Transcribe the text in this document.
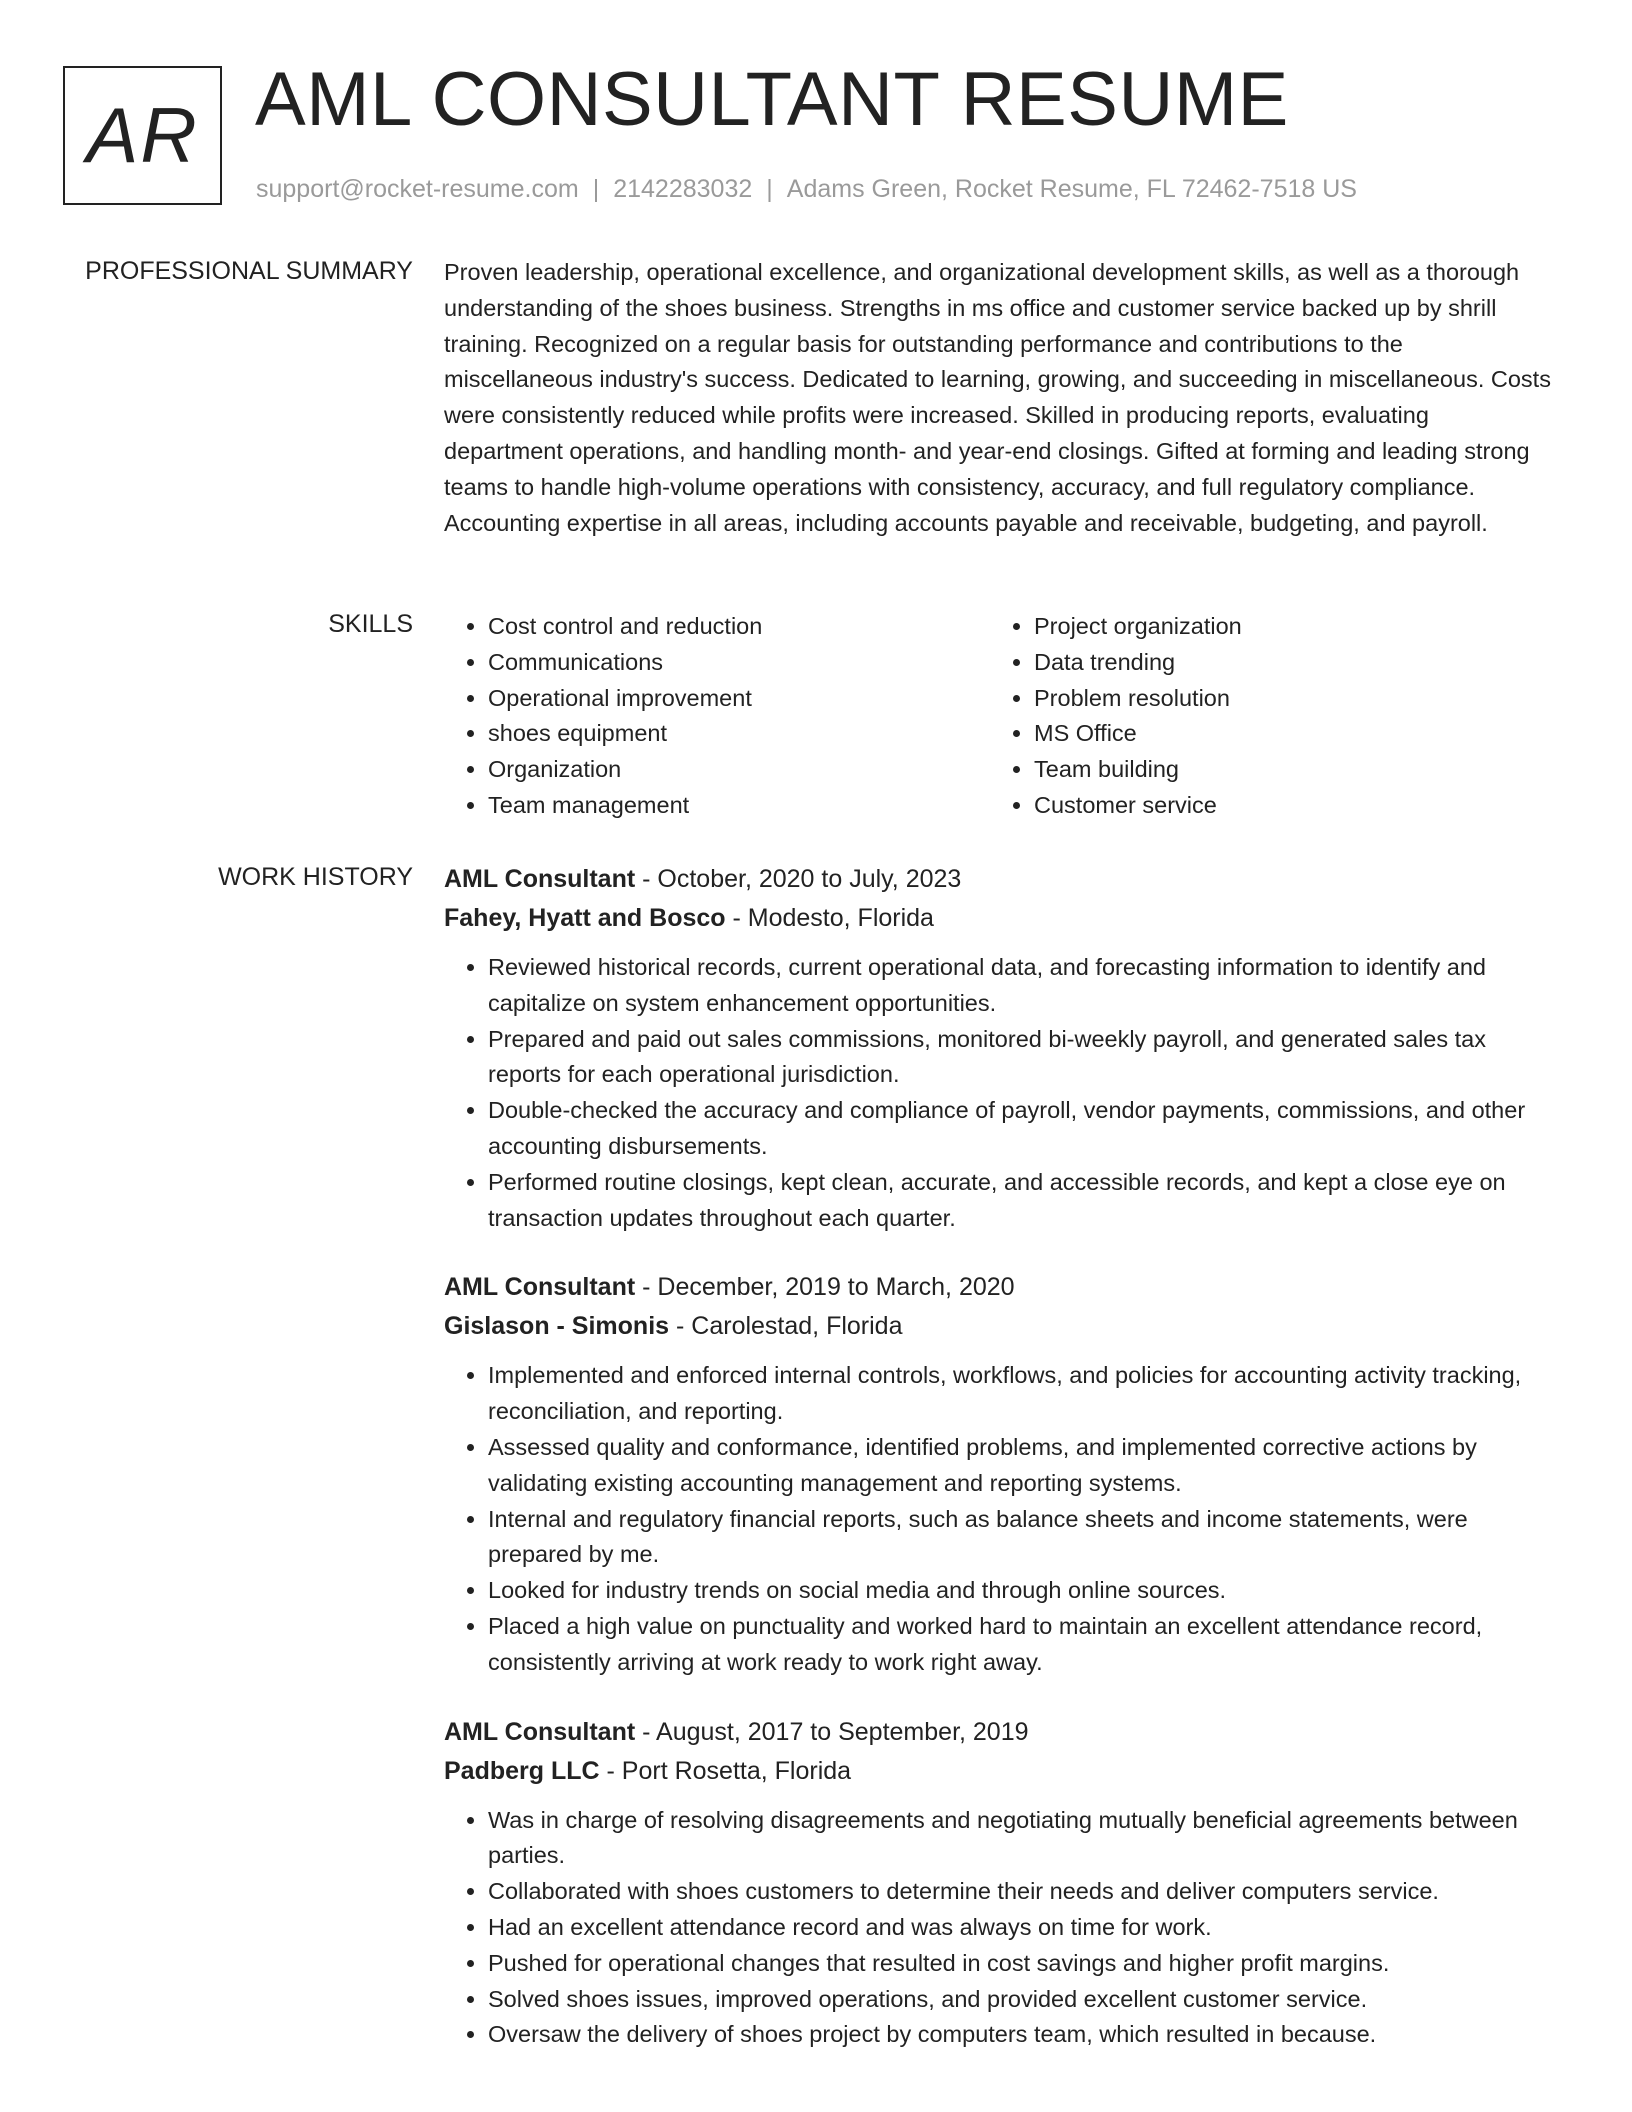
AR AML CONSULTANT RESUME
support@rocket-resume.com | 2142283032 | Adams Green, Rocket Resume, FL 72462-7518 US
PROFESSIONAL SUMMARY Proven leadership, operational excellence, and organizational development skills, as well as a thorough understanding of the shoes business. Strengths in ms office and customer service backed up by shrill training. Recognized on a regular basis for outstanding performance and contributions to the miscellaneous industry's success. Dedicated to learning, growing, and succeeding in miscellaneous. Costs were consistently reduced while profits were increased. Skilled in producing reports, evaluating department operations, and handling month- and year-end closings. Gifted at forming and leading strong teams to handle high-volume operations with consistency, accuracy, and full regulatory compliance. Accounting expertise in all areas, including accounts payable and receivable, budgeting, and payroll.

SKILLS
•	Cost control and reduction
• Communications
• Operational improvement
• shoes equipment
• Organization
• Team management
• Project organization
• Data trending
• Problem resolution
• MS Office
• Team building
• Customer service
WORK HISTORY AML Consultant - October, 2020 to July, 2023
Fahey, Hyatt and Bosco - Modesto, Florida
• Reviewed historical records, current operational data, and forecasting information to identify and capitalize on system enhancement opportunities.
• Prepared and paid out sales commissions, monitored bi-weekly payroll, and generated sales tax reports for each operational jurisdiction.
• Double-checked the accuracy and compliance of payroll, vendor payments, commissions, and other accounting disbursements.
• Performed routine closings, kept clean, accurate, and accessible records, and kept a close eye on transaction updates throughout each quarter.
AML Consultant - December, 2019 to March, 2020
Gislason - Simonis - Carolestad, Florida
• Implemented and enforced internal controls, workflows, and policies for accounting activity tracking, reconciliation, and reporting.
• Assessed quality and conformance, identified problems, and implemented corrective actions by validating existing accounting management and reporting systems.
• Internal and regulatory financial reports, such as balance sheets and income statements, were prepared by me.
• Looked for industry trends on social media and through online sources.
• Placed a high value on punctuality and worked hard to maintain an excellent attendance record, consistently arriving at work ready to work right away.
AML Consultant - August, 2017 to September, 2019
Padberg LLC - Port Rosetta, Florida
• Was in charge of resolving disagreements and negotiating mutually beneficial agreements between parties.
• Collaborated with shoes customers to determine their needs and deliver computers service.
• Had an excellent attendance record and was always on time for work.
• Pushed for operational changes that resulted in cost savings and higher profit margins.
• Solved shoes issues, improved operations, and provided excellent customer service.
• Oversaw the delivery of shoes project by computers team, which resulted in because.
